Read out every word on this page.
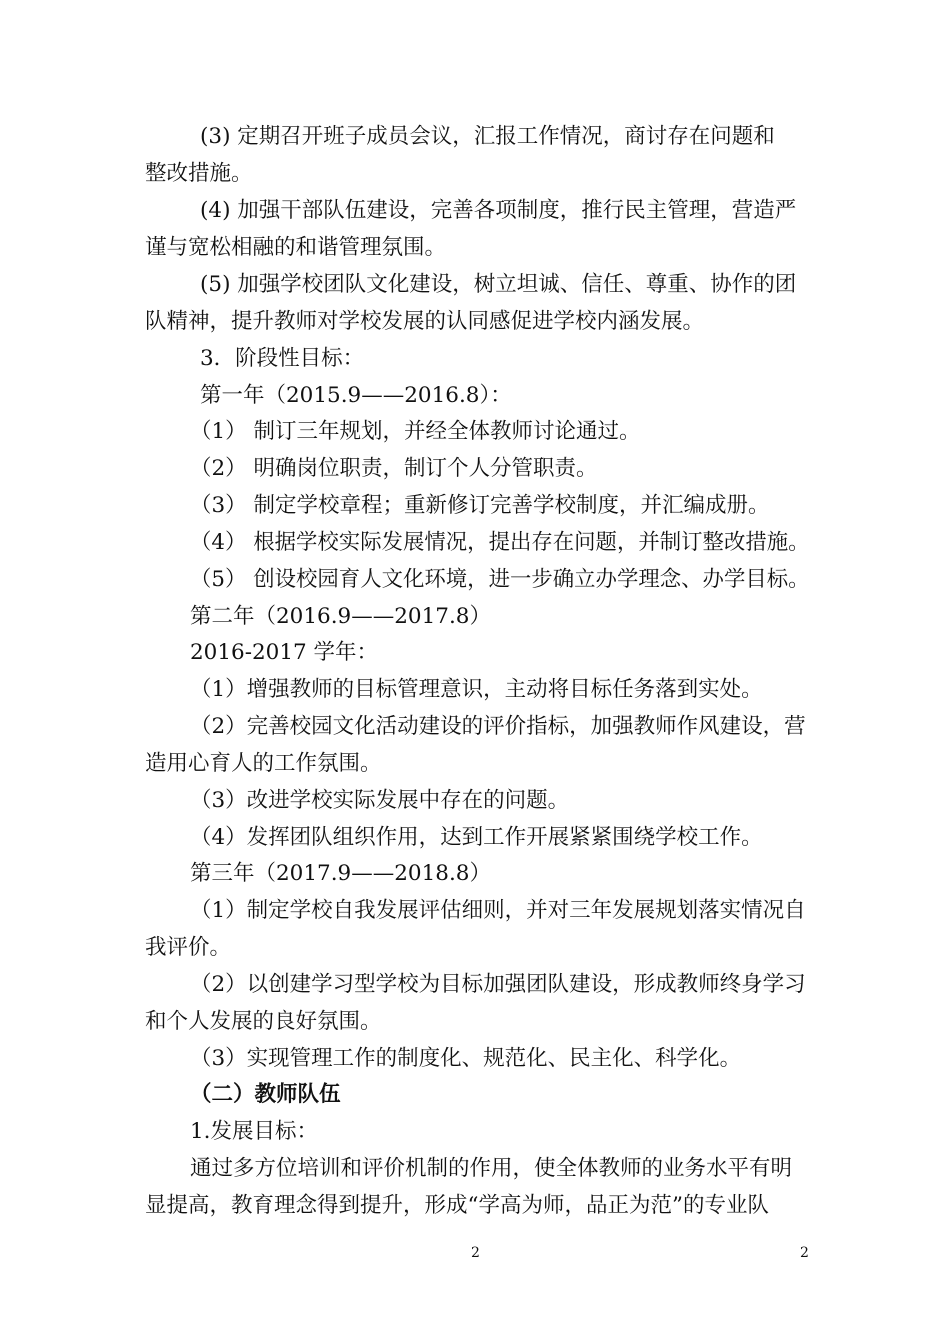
(3) 定期召开班子成员会议，汇报工作情况，商讨存在问题和
整改措施。
(4) 加强干部队伍建设，完善各项制度，推行民主管理，营造严
谨与宽松相融的和谐管理氛围。
(5) 加强学校团队文化建设，树立坦诚、信任、尊重、协作的团
队精神，提升教师对学校发展的认同感促进学校内涵发展。
3．阶段性目标：
第一年（2015.9——2016.8）：
（1） 制订三年规划，并经全体教师讨论通过。
（2） 明确岗位职责，制订个人分管职责。
（3） 制定学校章程；重新修订完善学校制度，并汇编成册。
（4） 根据学校实际发展情况，提出存在问题，并制订整改措施。
（5） 创设校园育人文化环境，进一步确立办学理念、办学目标。
第二年（2016.9——2017.8）
2016-2017 学年：
（1）增强教师的目标管理意识，主动将目标任务落到实处。
（2）完善校园文化活动建设的评价指标，加强教师作风建设，营
造用心育人的工作氛围。
（3）改进学校实际发展中存在的问题。
（4）发挥团队组织作用，达到工作开展紧紧围绕学校工作。
第三年（2017.9——2018.8）
（1）制定学校自我发展评估细则，并对三年发展规划落实情况自
我评价。
（2）以创建学习型学校为目标加强团队建设，形成教师终身学习
和个人发展的良好氛围。
（3）实现管理工作的制度化、规范化、民主化、科学化。
（二）教师队伍
1.发展目标：
通过多方位培训和评价机制的作用，使全体教师的业务水平有明
显提高，教育理念得到提升，形成“学高为师，品正为范”的专业队
2	2
